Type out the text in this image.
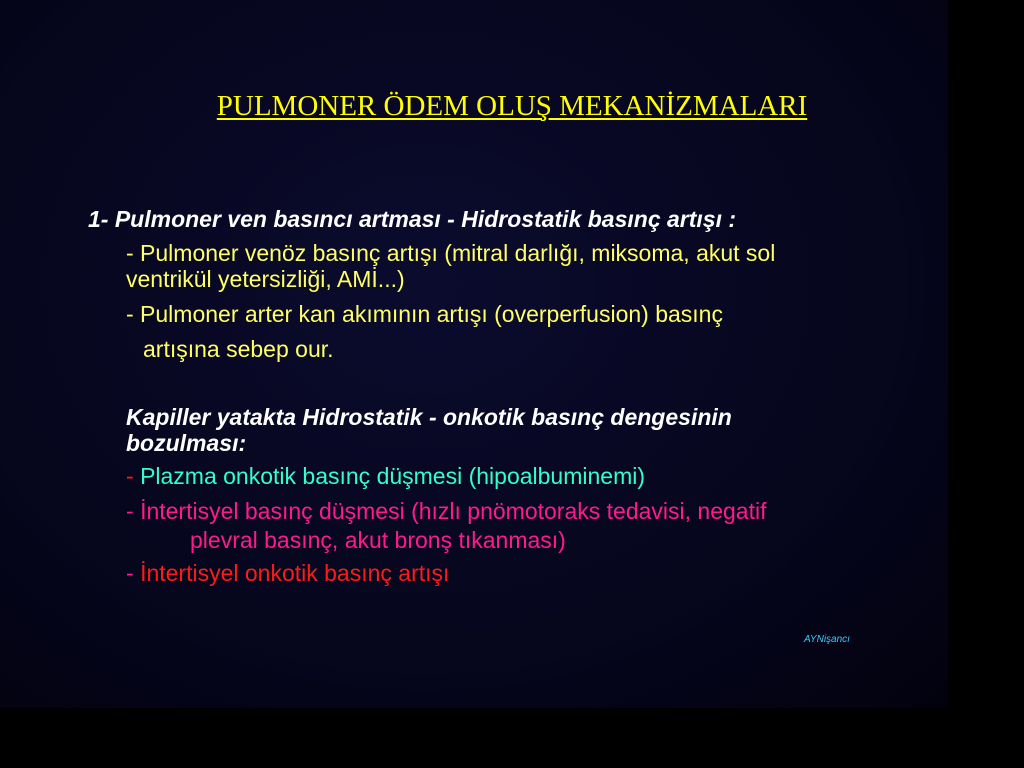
PULMONER ÖDEM OLUŞ MEKANİZMALARI

1- Pulmoner ven basıncı artması - Hidrostatik basınç artışı :

- Pulmoner venöz basınç artışı (mitral darlığı, miksoma, akut sol

ventrikül yetersizliği, AMİ...)

- Pulmoner arter kan akımının artışı (overperfusion) basınç

artışına sebep our.

Kapiller yatakta Hidrostatik - onkotik basınç dengesinin

bozulması:

- Plazma onkotik basınç düşmesi (hipoalbuminemi)

- İntertisyel basınç düşmesi (hızlı pnömotoraks tedavisi, negatif

plevral basınç, akut bronş tıkanması)

- İntertisyel onkotik basınç artışı

AYNişancı
